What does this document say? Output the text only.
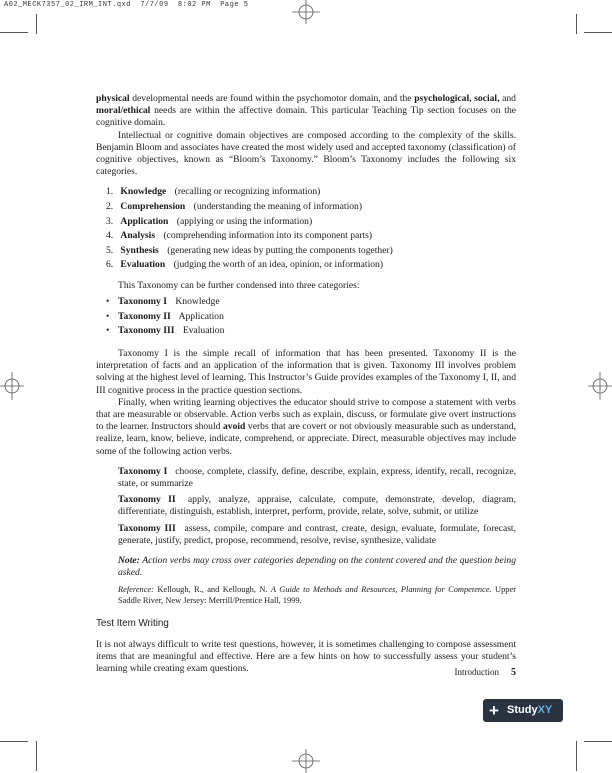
A02_MECK7357_02_IRM_INT.qxd  7/7/09  8:02 PM  Page 5

physical developmental needs are found within the psychomotor domain, and the psychological, social, and moral/ethical needs are within the affective domain. This particular Teaching Tip section focuses on the cognitive domain.

Intellectual or cognitive domain objectives are composed according to the complexity of the skills. Benjamin Bloom and associates have created the most widely used and accepted taxonomy (classification) of cognitive objectives, known as “Bloom’s Taxonomy.” Bloom’s Taxonomy includes the following six categories.

1. Knowledge (recalling or recognizing information)
2. Comprehension (understanding the meaning of information)
3. Application (applying or using the information)
4. Analysis (comprehending information into its component parts)
5. Synthesis (generating new ideas by putting the components together)
6. Evaluation (judging the worth of an idea, opinion, or information)

This Taxonomy can be further condensed into three categories:

• Taxonomy I Knowledge
• Taxonomy II Application
• Taxonomy III Evaluation

Taxonomy I is the simple recall of information that has been presented. Taxonomy II is the interpretation of facts and an application of the information that is given. Taxonomy III involves problem solving at the highest level of learning. This Instructor’s Guide provides examples of the Taxonomy I, II, and III cognitive process in the practice question sections.

Finally, when writing learning objectives the educator should strive to compose a statement with verbs that are measurable or observable. Action verbs such as explain, discuss, or formulate give overt instructions to the learner. Instructors should avoid verbs that are covert or not obviously measurable such as understand, realize, learn, know, believe, indicate, comprehend, or appreciate. Direct, measurable objectives may include some of the following action verbs.

Taxonomy I choose, complete, classify, define, describe, explain, express, identify, recall, recognize, state, or summarize

Taxonomy II apply, analyze, appraise, calculate, compute, demonstrate, develop, diagram, differentiate, distinguish, establish, interpret, perform, provide, relate, solve, submit, or utilize

Taxonomy III assess, compile, compare and contrast, create, design, evaluate, formulate, forecast, generate, justify, predict, propose, recommend, resolve, revise, synthesize, validate

Note: Action verbs may cross over categories depending on the content covered and the question being asked.

Reference: Kellough, R., and Kellough, N. A Guide to Methods and Resources, Planning for Competence. Upper Saddle River, New Jersey: Merrill/Prentice Hall, 1999.

Test Item Writing

It is not always difficult to write test questions, however, it is sometimes challenging to compose assessment items that are meaningful and effective. Here are a few hints on how to successfully assess your student’s learning while creating exam questions.	Introduction 5
+ StudyXY
